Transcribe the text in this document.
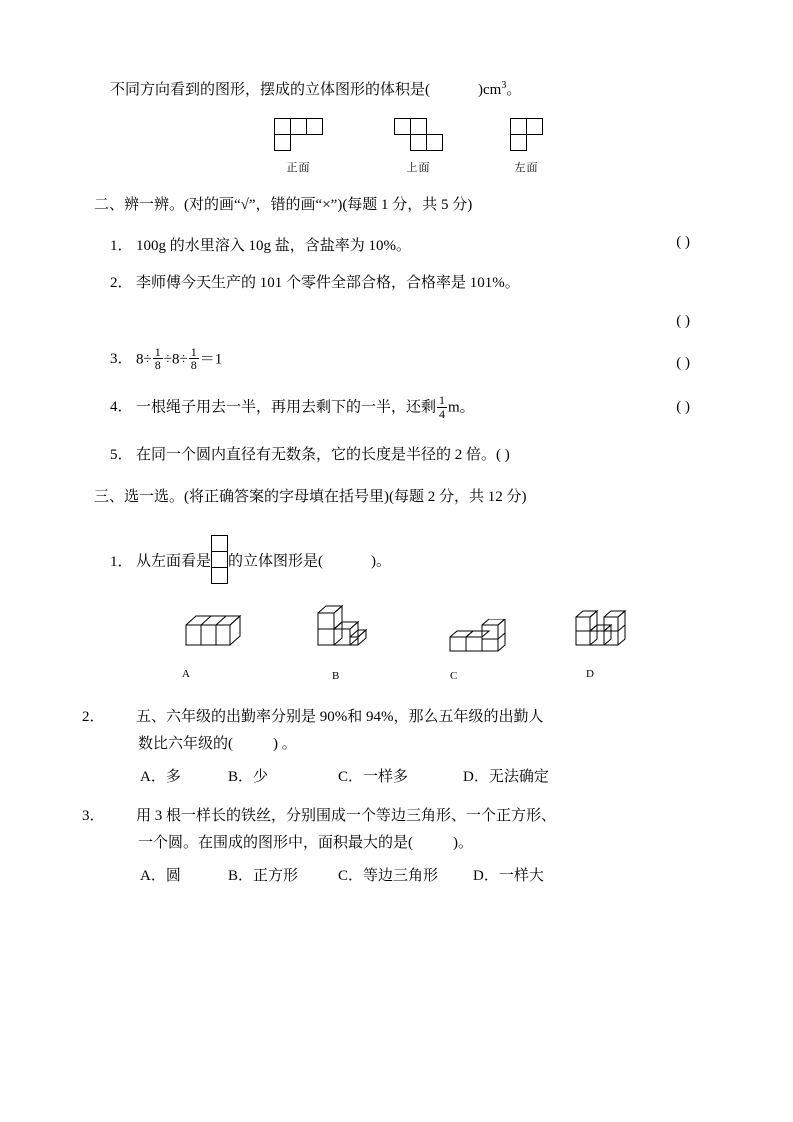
不同方向看到的图形，摆成的立体图形的体积是(	)$cm^3$。
正面	上面	左面
二、辨一辨。(对的画“√”，错的画“×”)(每题 1 分，共 5 分)
1． 100g 的水里溶入 10g 盐，含盐率为 10%。	( )
2． 李师傅今天生产的 101 个零件全部合格，合格率是 101%。
( )
3． $8\div \frac{1}{8} \div 8\div \frac{1}{8} =1$	( )
4． 一根绳子用去一半，再用去剩下的一半，还剩 $\frac{1}{4}$ m。	( )
5． 在同一个圆内直径有无数条，它的长度是半径的 2 倍。( )
三、选一选。(将正确答案的字母填在括号里)(每题 2 分，共 12 分)
1． 从左面看是 的立体图形是(	)。
A	B	C	D
2． 五、六年级的出勤率分别是 90%和 94%，那么五年级的出勤人
数比六年级的(	) 。
A．多	B．少	C．一样多	D．无法确定
3． 用 3 根一样长的铁丝，分别围成一个等边三角形、一个正方形、
一个圆。在围成的图形中，面积最大的是(	)。
A．圆	B．正方形	C．等边三角形 D．一样大
